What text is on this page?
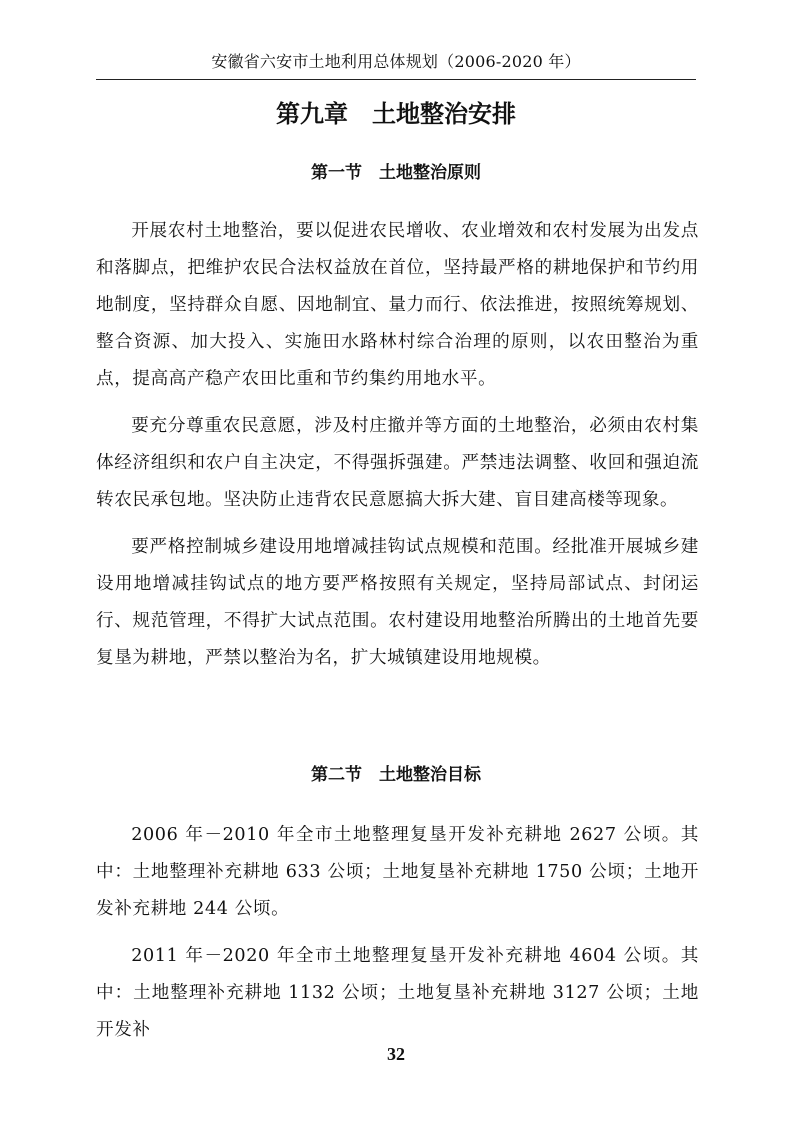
安徽省六安市土地利用总体规划（2006-2020 年）
第九章　土地整治安排
第一节　土地整治原则

开展农村土地整治，要以促进农民增收、农业增效和农村发展为出发点和落脚点，把维护农民合法权益放在首位，坚持最严格的耕地保护和节约用地制度，坚持群众自愿、因地制宜、量力而行、依法推进，按照统筹规划、整合资源、加大投入、实施田水路林村综合治理的原则，以农田整治为重点，提高高产稳产农田比重和节约集约用地水平。

要充分尊重农民意愿，涉及村庄撤并等方面的土地整治，必须由农村集体经济组织和农户自主决定，不得强拆强建。严禁违法调整、收回和强迫流转农民承包地。坚决防止违背农民意愿搞大拆大建、盲目建高楼等现象。

要严格控制城乡建设用地增减挂钩试点规模和范围。经批准开展城乡建设用地增减挂钩试点的地方要严格按照有关规定，坚持局部试点、封闭运行、规范管理，不得扩大试点范围。农村建设用地整治所腾出的土地首先要复垦为耕地，严禁以整治为名，扩大城镇建设用地规模。

第二节　土地整治目标

2006 年－2010 年全市土地整理复垦开发补充耕地 2627 公顷。其中：土地整理补充耕地 633 公顷；土地复垦补充耕地 1750 公顷；土地开发补充耕地 244 公顷。

2011 年－2020 年全市土地整理复垦开发补充耕地 4604 公顷。其中：土地整理补充耕地 1132 公顷；土地复垦补充耕地 3127 公顷；土地开发补

32
